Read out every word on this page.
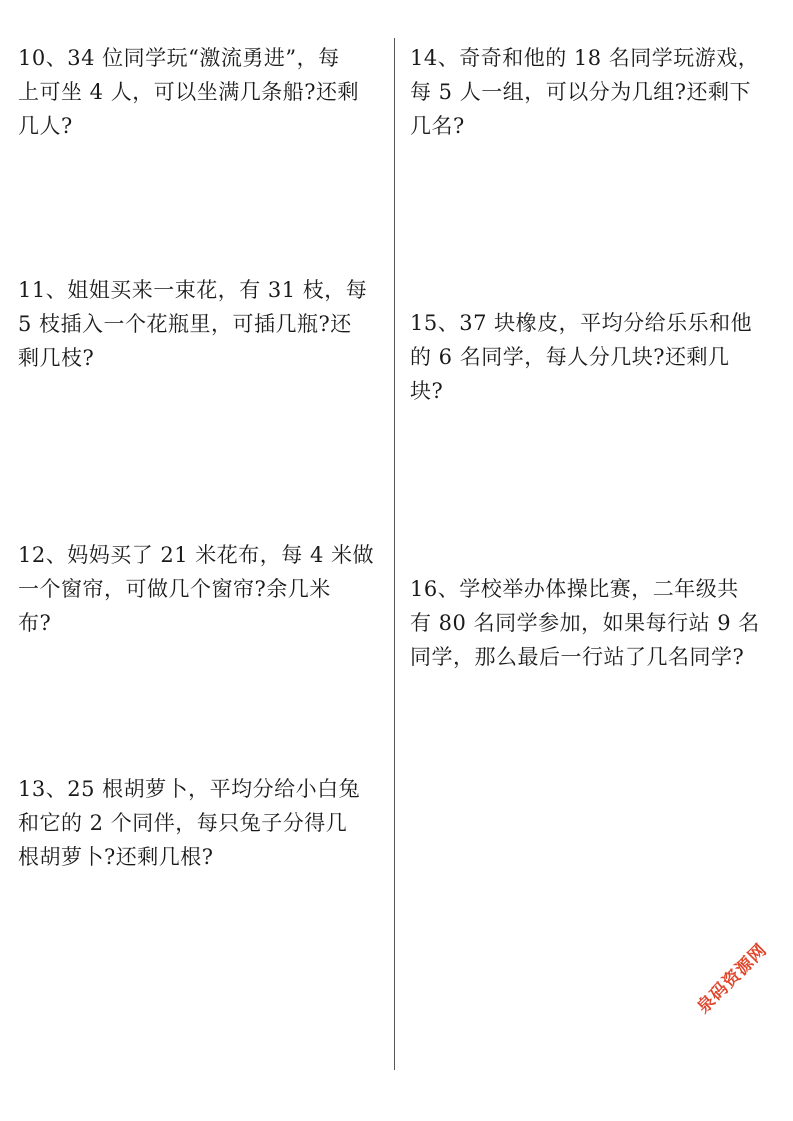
10、34 位同学玩“激流勇进”，每
上可坐 4 人，可以坐满几条船?还剩
几人?
11、姐姐买来一束花，有 31 枝，每
5 枝插入一个花瓶里，可插几瓶?还
剩几枝?
12、妈妈买了 21 米花布，每 4 米做
一个窗帘，可做几个窗帘?余几米
布?
13、25 根胡萝卜，平均分给小白兔
和它的 2 个同伴，每只兔子分得几
根胡萝卜?还剩几根?
14、奇奇和他的 18 名同学玩游戏，
每 5 人一组，可以分为几组?还剩下
几名?
15、37 块橡皮，平均分给乐乐和他
的 6 名同学，每人分几块?还剩几
块?
16、学校举办体操比赛，二年级共
有 80 名同学参加，如果每行站 9 名
同学，那么最后一行站了几名同学?
泉码资源网
